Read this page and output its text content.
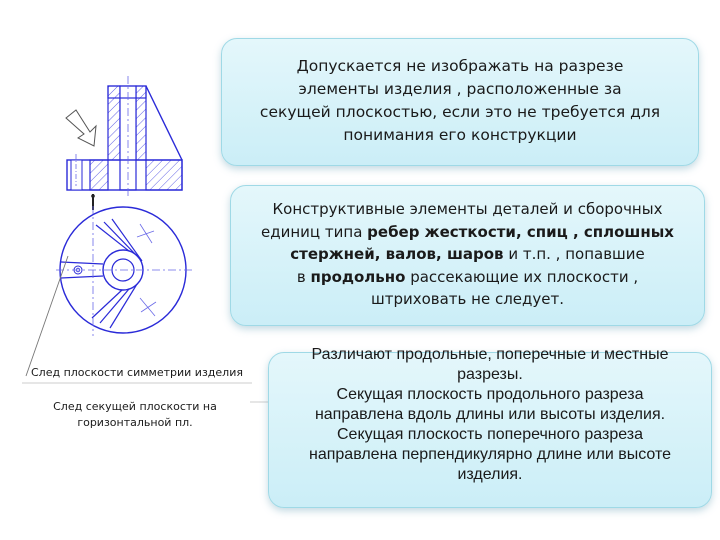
Допускается не изображать на разрезе
элементы изделия , расположенные за
секущей плоскостью, если это не требуется для
понимания его конструкции
Конструктивные элементы деталей и сборочных
единиц типа ребер жесткости, спиц , сплошных
стержней, валов, шаров и т.п. , попавшие
в продольно рассекающие их плоскости ,
штриховать не следует.
Различают продольные, поперечные и местные
разрезы.
Секущая плоскость продольного разреза
направлена вдоль длины или высоты изделия.
Секущая плоскость поперечного разреза
направлена перпендикулярно длине или высоте
изделия.
След плоскости симметрии изделия
След секущей плоскости на
горизонтальной пл.
